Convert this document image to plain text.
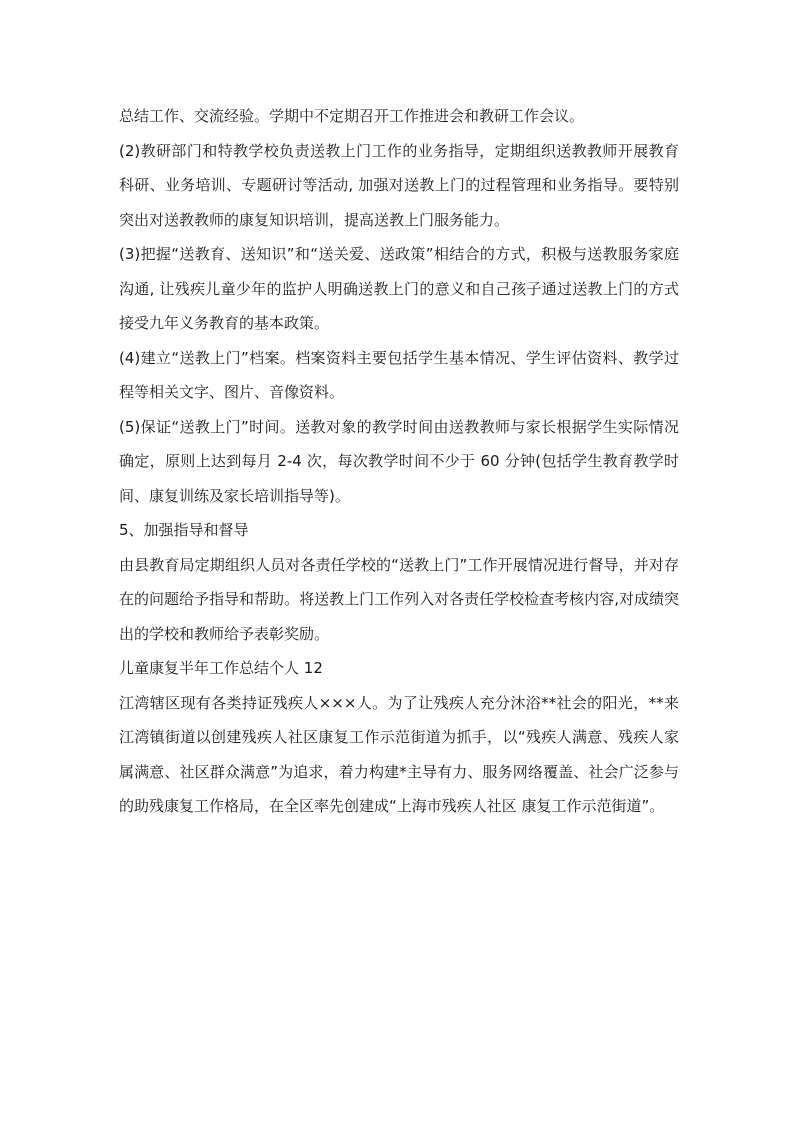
总结工作、交流经验。学期中不定期召开工作推进会和教研工作会议。

(2)教研部门和特教学校负责送教上门工作的业务指导，定期组织送教教师开展教育科研、业务培训、专题研讨等活动, 加强对送教上门的过程管理和业务指导。要特别突出对送教教师的康复知识培训，提高送教上门服务能力。

(3)把握“送教育、送知识”和“送关爱、送政策”相结合的方式，积极与送教服务家庭沟通, 让残疾儿童少年的监护人明确送教上门的意义和自己孩子通过送教上门的方式接受九年义务教育的基本政策。

(4)建立“送教上门”档案。档案资料主要包括学生基本情况、学生评估资料、教学过程等相关文字、图片、音像资料。

(5)保证“送教上门”时间。送教对象的教学时间由送教教师与家长根据学生实际情况确定，原则上达到每月 2-4 次，每次教学时间不少于 60 分钟(包括学生教育教学时间、康复训练及家长培训指导等)。

5、加强指导和督导

由县教育局定期组织人员对各责任学校的“送教上门”工作开展情况进行督导，并对存在的问题给予指导和帮助。将送教上门工作列入对各责任学校检查考核内容,对成绩突出的学校和教师给予表彰奖励。

儿童康复半年工作总结个人 12

江湾辖区现有各类持证残疾人×××人。为了让残疾人充分沐浴**社会的阳光，**来江湾镇街道以创建残疾人社区康复工作示范街道为抓手，以“残疾人满意、残疾人家属满意、社区群众满意”为追求，着力构建*主导有力、服务网络覆盖、社会广泛参与的助残康复工作格局，在全区率先创建成“上海市残疾人社区 康复工作示范街道”。
